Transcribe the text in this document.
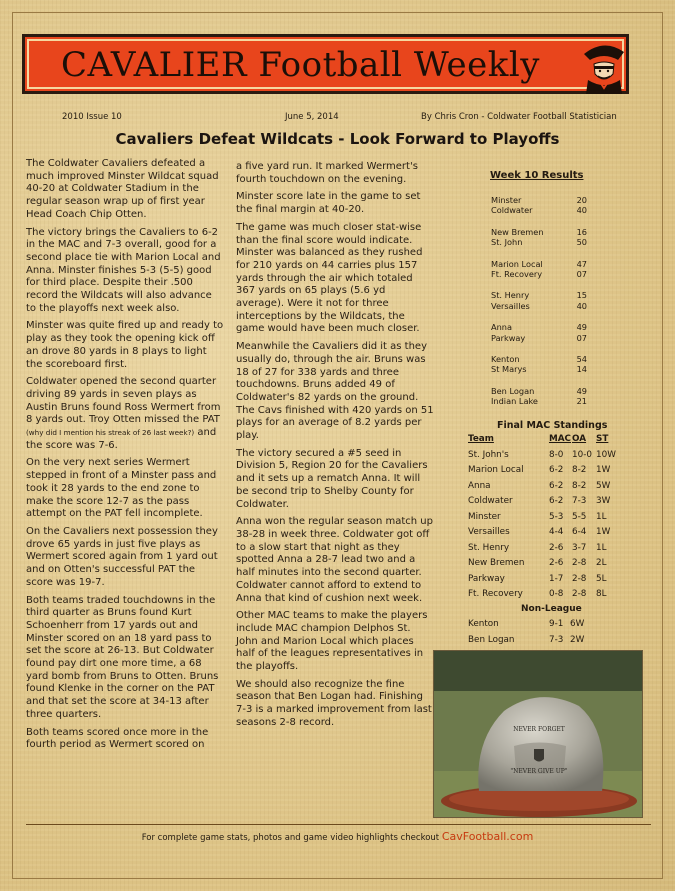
CAVALIER Football Weekly
2010 Issue 10	June 5, 2014	By Chris Cron - Coldwater Football Statistician
Cavaliers Defeat Wildcats - Look Forward to Playoffs

The Coldwater Cavaliers defeated a much improved Minster Wildcat squad 40-20 at Coldwater Stadium in the regular season wrap up of first year Head Coach Chip Otten.

The victory brings the Cavaliers to 6-2 in the MAC and 7-3 overall, good for a second place tie with Marion Local and Anna. Minster finishes 5-3 (5-5) good for third place. Despite their .500 record the Wildcats will also advance to the playoffs next week also.

Minster was quite fired up and ready to play as they took the opening kick off an drove 80 yards in 8 plays to light the scoreboard first.

Coldwater opened the second quarter driving 89 yards in seven plays as Austin Bruns found Ross Wermert from 8 yards out. Troy Otten missed the PAT (why did I mention his streak of 26 last week?) and the score was 7-6.

On the very next series Wermert stepped in front of a Minster pass and took it 28 yards to the end zone to make the score 12-7 as the pass attempt on the PAT fell incomplete.

On the Cavaliers next possession they drove 65 yards in just five plays as Wermert scored again from 1 yard out and on Otten's successful PAT the score was 19-7.

Both teams traded touchdowns in the third quarter as Bruns found Kurt Schoenherr from 17 yards out and Minster scored on an 18 yard pass to set the score at 26-13. But Coldwater found pay dirt one more time, a 68 yard bomb from Bruns to Otten. Bruns found Klenke in the corner on the PAT and that set the score at 34-13 after three quarters.

Both teams scored once more in the fourth period as Wermert scored on

a five yard run. It marked Wermert's fourth touchdown on the evening.

Minster score late in the game to set the final margin at 40-20.

The game was much closer stat-wise than the final score would indicate. Minster was balanced as they rushed for 210 yards on 44 carries plus 157 yards through the air which totaled 367 yards on 65 plays (5.6 yd average). Were it not for three interceptions by the Wildcats, the game would have been much closer.

Meanwhile the Cavaliers did it as they usually do, through the air. Bruns was 18 of 27 for 338 yards and three touchdowns. Bruns added 49 of Coldwater's 82 yards on the ground. The Cavs finished with 420 yards on 51 plays for an average of 8.2 yards per play.

The victory secured a #5 seed in Division 5, Region 20 for the Cavaliers and it sets up a rematch Anna. It will be second trip to Shelby County for Coldwater.

Anna won the regular season match up 38-28 in week three. Coldwater got off to a slow start that night as they spotted Anna a 28-7 lead two and a half minutes into the second quarter. Coldwater cannot afford to extend to Anna that kind of cushion next week.

Other MAC teams to make the players include MAC champion Delphos St. John and Marion Local which places half of the leagues representatives in the playoffs.

We should also recognize the fine season that Ben Logan had. Finishing 7-3 is a marked improvement from last seasons 2-8 record.

Week 10 Results
Minster	20
Coldwater	40
New Bremen	16
St. John	50
Marion Local	47
Ft. Recovery	07
St. Henry	15
Versailles	40
Anna	49
Parkway	07
Kenton	54
St Marys	14
Ben Logan	49
Indian Lake	21
Final MAC Standings
Team	MAC OA ST
St. John's	8-0 10-0 10W
Marion Local	6-2 8-2 1W
Anna	6-2 8-2 5W
Coldwater	6-2 7-3 3W
Minster	5-3 5-5 1L
Versailles	4-4 6-4 1W
St. Henry	2-6 3-7 1L
New Bremen	2-6 2-8 2L
Parkway	1-7 2-8 5L
Ft. Recovery	0-8 2-8 8L
Non-League
Kenton	9-1 6W
Ben Logan	7-3 2W
NEVER FORGET
"NEVER GIVE UP"
For complete game stats, photos and game video highlights checkout CavFootball.com
